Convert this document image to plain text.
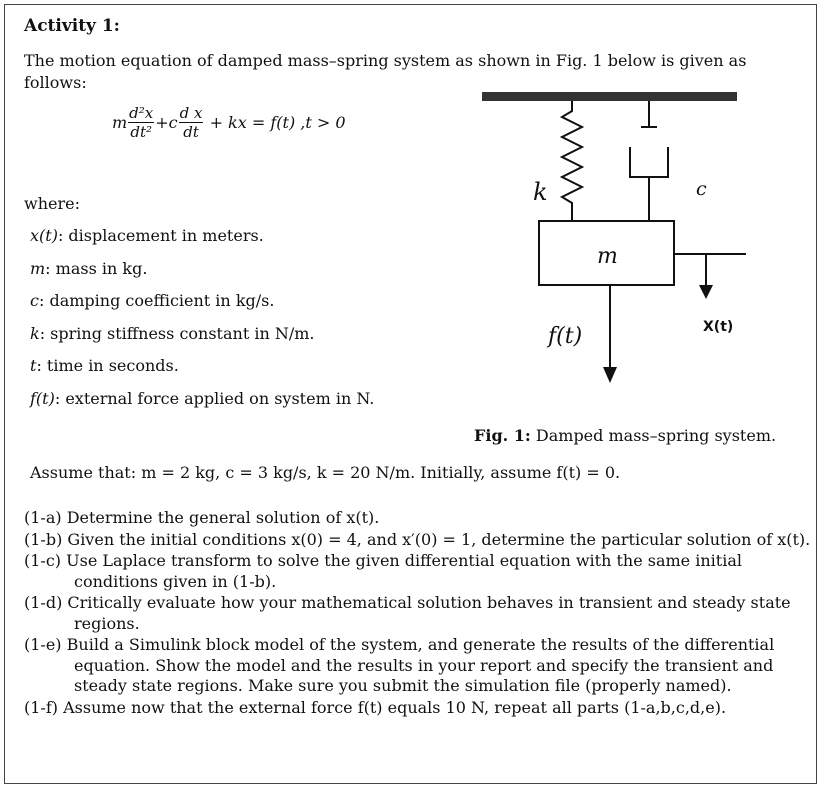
Activity 1:
The motion equation of damped mass–spring system as shown in Fig. 1 below is given as follows:
m $\frac{\text{d²x}}{\text{dt²}} +c \frac{\text{d x}}{dt}$ + kx = f(t) ,t > 0
where:
x(t): displacement in meters.
m: mass in kg.
c: damping coefficient in kg/s.
k: spring stiffness constant in N/m.
t: time in seconds.
f(t): external force applied on system in N.
k	c
m
f(t)	X(t)
Fig. 1: Damped mass–spring system.
Assume that: m = 2 kg, c = 3 kg/s, k = 20 N/m. Initially, assume f(t) = 0.
(1-a) Determine the general solution of x(t).
(1-b) Given the initial conditions x(0) = 4, and x′(0) = 1, determine the particular solution of x(t).
(1-c) Use Laplace transform to solve the given differential equation with the same initial conditions given in (1-b).
(1-d) Critically evaluate how your mathematical solution behaves in transient and steady state regions.
(1-e) Build a Simulink block model of the system, and generate the results of the differential equation. Show the model and the results in your report and specify the transient and steady state regions. Make sure you submit the simulation file (properly named).
(1-f) Assume now that the external force f(t) equals 10 N, repeat all parts (1-a,b,c,d,e).
